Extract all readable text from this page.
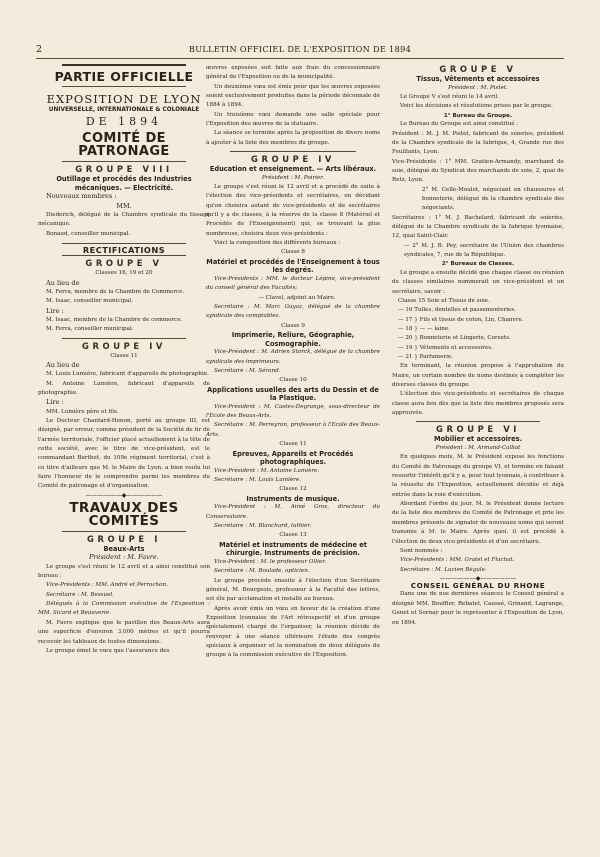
2	BULLETIN OFFICIEL DE L'EXPOSITION DE 1894
PARTIE OFFICIELLE
EXPOSITION DE LYON
UNIVERSELLE, INTERNATIONALE & COLONIALE
DE 1894
COMITÉ DE PATRONAGE
GROUPE VIII
Outillage et procédés des Industries mécaniques. — Electricité.

Nouveaux membres :

MM.

Diederich, délégué de la Chambre syndicale du tissage mécanique.

Bonaud, conseiller municipal.

RECTIFICATIONS
GROUPE V
Classes 16, 19 et 20

Au lieu de

M. Ferra, membre de la Chambre de Commerce.

M. Isaac, conseiller municipal.

Lire :

M. Isaac, membre de la Chambre de commerce.

M. Ferra, conseiller municipal.

GROUPE IV
Classe 11

Au lieu de

M. Louis Lumière, fabricant d'appareils de photographie.

M. Antoine Lumière, fabricant d'appareils de photographie.

Lire :

MM. Lumière père et fils.

Le Docteur Chantard-Henon, porté au groupe III, est désigné, par erreur, comme président de la Société de tir de l'armée territoriale, l'officier placé actuellement à la tête de cette société, avec le titre de vice-président, est le commandant Berthet, du 109e régiment territorial, c'est à ce titre d'ailleurs que M. le Maire de Lyon, a bien voulu lui faire l'honneur de le comprendre parmi les membres du Comité de patronage et d'organisation.

——————◆——————
TRAVAUX DES COMITÉS
GROUPE I
Beaux-Arts
Président : M. Favre.

Le groupe s'est réuni le 12 avril et a ainsi constitué son bureau :

Vice-Présidents : MM. André et Perrachon.

Secrétaire : M. Bessuel.

Délégués à la Commission exécutive de l'Exposition : MM. Sicard et Beauverie.

M. Favre explique que le pavillon des Beaux-Arts aura une superficie d'environ 3,000 mètres et qu'il pourra recevoir les tableaux de toutes dimensions.

Le groupe émet le vœu que l'assurance des

œuvres exposées soit faite aux frais du concessionnaire général de l'Exposition ou de la municipalité.

Un deuxième vœu est émis pour que les œuvres exposées soient exclusivement produites dans la période décennale de 1884 à 1894.

Un troisième vœu demande une salle spéciale pour l'Exposition des œuvres de la statuaire.

La séance se termine après la proposition de divers noms à ajouter à la liste des membres du groupe.

GROUPE IV
Education et enseignement. — Arts libéraux.
Président : M. Poirier.

Le groupe s'est réuni le 12 avril et a procédé de suite à l'élection des vice-présidents et secrétaires, en décidant qu'on choisira autant de vice-présidents et de secrétaires qu'il y a de classes, à la réserve de la classe 8 (Matériel et Procédés de l'Enseignement) qui, se trouvant la plus nombreuse, choisira deux vice-présidents :

Voici la composition des différents bureaux :

Classe 8
Matériel et procédés de l'Enseignement à tous les degrés.

Vice-Présidents : MM. le docteur Lépine, vice-président du conseil général des Facultés;

— Clavel, adjoint au Maire.

Secrétaire : M. Marc Guyaz, délégué de la chambre syndicale des comptables.

Classe 9
Imprimerie, Reliure, Géographie, Cosmographie.

Vice-Président : M. Adrien Storck, délégué de la chambre syndicale des imprimeurs.

Secrétaire : M. Sérand.

Classe 10
Applications usuelles des arts du Dessin et de la Plastique.

Vice-Président : M. Castex-Degrange, sous-directeur de l'Ecole des Beaux-Arts.

Secrétaire : M. Perreyron, professeur à l'Ecole des Beaux-Arts.

Classe 11
Epreuves, Appareils et Procédés photographiques.

Vice-Président : M. Antoine Lumière.

Secrétaire : M. Louis Lumière.

Classe 12
Instruments de musique.

Vice-Président : M. Aimé Gros, directeur du Conservatoire.

Secrétaire : M. Blanchard, luthier.

Classe 13
Matériel et instruments de médecine et chirurgie. Instruments de précision.

Vice-Président : M. le professeur Ollier.

Secrétaire : M. Boulade, opticien.

Le groupe procède ensuite à l'élection d'un Secrétaire général, M. Bourgeois, professeur à la Faculté des lettres, est élu par acclamation et installé au bureau.

Après avoir émis un vœu en faveur de la création d'une Exposition lyonnaise de l'Art rétrospectif et d'un groupe spécialement chargé de l'organiser, la réunion décide de renvoyer à une séance ultérieure l'étude des congrès spéciaux à organiser et la nomination de deux délégués du groupe à la commission exécutive de l'Exposition.

GROUPE V
Tissus, Vêtements et accessoires
Président : M. Pistet.

Le Groupe V s'est réuni le 14 avril.

Voici les décisions et résolutions prises par le groupe.

1° Bureau du Groupe.

Le Bureau du Groupe est ainsi constitué :

Président : M. J. M. Pistet, fabricant de soieries, président de la Chambre syndicale de la fabrique, 4, Grande rue des Feuillants, Lyon.

Vice-Présidents : 1° MM. Gratien-Armandy, marchand de soie, délégué du Syndicat des marchands de soie, 2, quai de Retz, Lyon.

2° M. Celle-Moulet, négociant en chaussures et bonneterie, délégué de la chambre syndicale des négociants.

Secrétaires : 1° M. J. Bachelard, fabricant de soieries, délégué de la Chambre syndicale de la fabrique lyonnaise, 12, quai Saint-Clair.

— 2° M. J. B. Pey, secrétaire de l'Union des chambres syndicales, 7, rue de la République.

2° Bureaux de Classes.

Le groupe a ensuite décidé que chaque classe ou réunion de classes similaires nommerait un vice-président et un secrétaire, savoir :

Classe 15 Soie et Tissus de soie.

— 16 Tulles, dentelles et passementeries.

— 17 } Fils et tissus de coton, Lin, Chanvre.

— 18 } — — laine.

— 20 } Bonneterie et Lingerie, Corsets.

— 19 } Vêtements et accessoires.

— 21 } Parfumerie.

En terminant, la réunion propose à l'approbation du Maire, un certain nombre de noms destinés à compléter les diverses classes du groupe.

L'élection des vice-présidents et secrétaires de chaque classe aura lieu dès que la liste des membres proposés sera approuvée.

GROUPE VI
Mobilier et accessoires.
Président : M. Armand-Calliat

En quelques mots, M. le Président expose les fonctions du Comité de Patronage du groupe VI, et termine en faisant ressortir l'intérêt qu'il y a, pour tout lyonnais, à contribuer à la réussite de l'Exposition, actuellement décidée et déjà entrée dans la voie d'exécution.

Abordant l'ordre du jour, M. le Président donne lecture de la liste des membres du Comité de Patronage et prie les membres présents de signaler de nouveaux noms qui seront transmis à M. le Maire. Après quoi, il est procédé à l'élection de deux vice-présidents et d'un secrétaire.

Sont nommés :

Vice-Présidents : MM. Gratel et Flachat.

Secrétaire : M. Lucien Bégule.

——————◆——————
CONSEIL GÉNÉRAL DU RHONE

Dans une de nos dernières séances le Conseil général a désigné MM. Bouffier, Rebatel, Caussé, Grinand, Lagrange, Genet et Sornay pour le représenter à l'Exposition de Lyon, en 1894.
